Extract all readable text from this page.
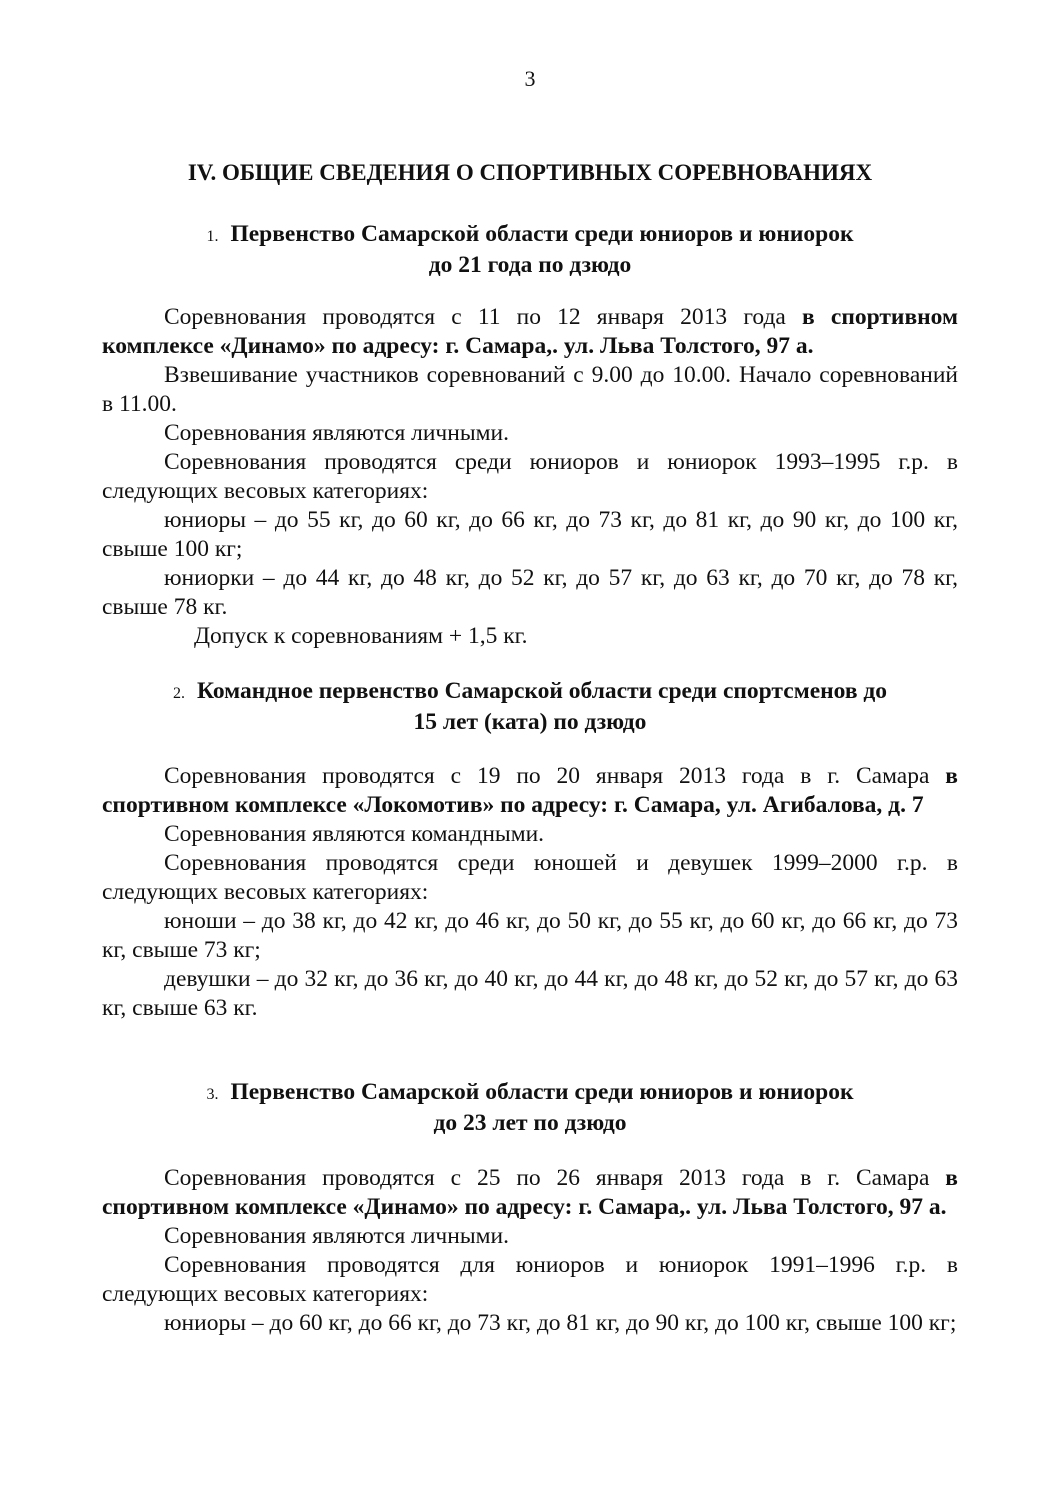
3
IV. ОБЩИЕ СВЕДЕНИЯ О СПОРТИВНЫХ СОРЕВНОВАНИЯХ
1. Первенство Самарской области среди юниоров и юниорок
до 21 года по дзюдо

Соревнования проводятся с 11 по 12 января 2013 года в спортивном комплексе «Динамо» по адресу: г. Самара,. ул. Льва Толстого, 97 а.

Взвешивание участников соревнований с 9.00 до 10.00. Начало соревнований в 11.00.

Соревнования являются личными.

Соревнования проводятся среди юниоров и юниорок 1993–1995 г.р. в следующих весовых категориях:

юниоры – до 55 кг, до 60 кг, до 66 кг, до 73 кг, до 81 кг, до 90 кг, до 100 кг, свыше 100 кг;

юниорки – до 44 кг, до 48 кг, до 52 кг, до 57 кг, до 63 кг, до 70 кг, до 78 кг, свыше 78 кг.

Допуск к соревнованиям + 1,5 кг.

2. Командное первенство Самарской области среди спортсменов до
15 лет (ката) по дзюдо

Соревнования проводятся с 19 по 20 января 2013 года в г. Самара в спортивном комплексе «Локомотив» по адресу: г. Самара, ул. Агибалова, д. 7

Соревнования являются командными.

Соревнования проводятся среди юношей и девушек 1999–2000 г.р. в следующих весовых категориях:

юноши – до 38 кг, до 42 кг, до 46 кг, до 50 кг, до 55 кг, до 60 кг, до 66 кг, до 73 кг, свыше 73 кг;

девушки – до 32 кг, до 36 кг, до 40 кг, до 44 кг, до 48 кг, до 52 кг, до 57 кг, до 63 кг, свыше 63 кг.

3. Первенство Самарской области среди юниоров и юниорок
до 23 лет по дзюдо

Соревнования проводятся с 25 по 26 января 2013 года в г. Самара в спортивном комплексе «Динамо» по адресу: г. Самара,. ул. Льва Толстого, 97 а.

Соревнования являются личными.

Соревнования проводятся для юниоров и юниорок 1991–1996 г.р. в следующих весовых категориях:

юниоры – до 60 кг, до 66 кг, до 73 кг, до 81 кг, до 90 кг, до 100 кг, свыше 100 кг;
